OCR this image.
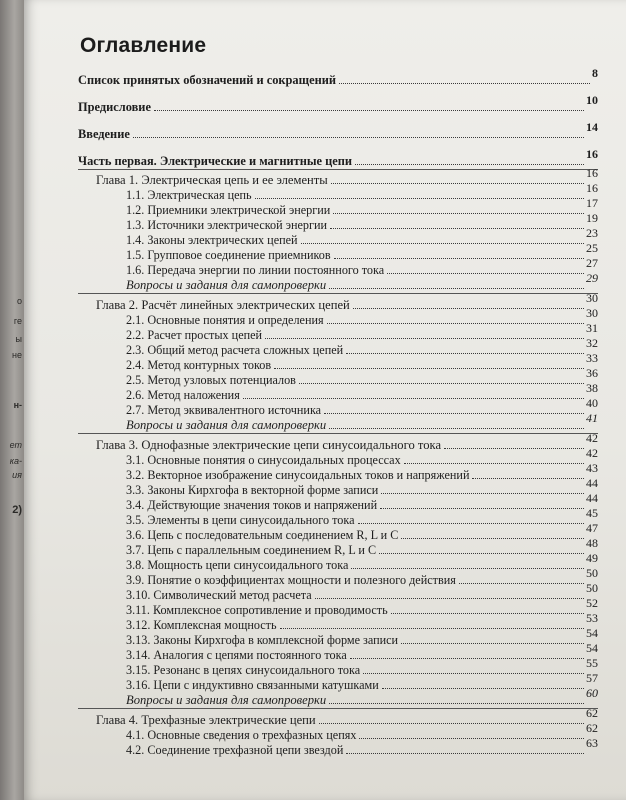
о
ге
ы
не
н-
ет
ка-
ия
2)
Оглавление
Список принятых обозначений и сокращений	8
Предисловие	10
Введение	14
Часть первая. Электрические и магнитные цепи	16
Глава 1. Электрическая цепь и ее элементы	16
1.1. Электрическая цепь	16
1.2. Приемники электрической энергии	17
1.3. Источники электрической энергии	19
1.4. Законы электрических цепей	23
1.5. Групповое соединение приемников	25
1.6. Передача энергии по линии постоянного тока	27
Вопросы и задания для самопроверки	29
Глава 2. Расчёт линейных электрических цепей	30
2.1. Основные понятия и определения	30
2.2. Расчет простых цепей	31
2.3. Общий метод расчета сложных цепей	32
2.4. Метод контурных токов	33
2.5. Метод узловых потенциалов	36
2.6. Метод наложения	38
2.7. Метод эквивалентного источника	40
Вопросы и задания для самопроверки	41
Глава 3. Однофазные электрические цепи синусоидального тока	42
3.1. Основные понятия о синусоидальных процессах	42
3.2. Векторное изображение синусоидальных токов и напряжений	43
3.3. Законы Кирхгофа в векторной форме записи	44
3.4. Действующие значения токов и напряжений	44
3.5. Элементы в цепи синусоидального тока	45
3.6. Цепь с последовательным соединением R, L и C	47
3.7. Цепь с параллельным соединением R, L и C	48
3.8. Мощность цепи синусоидального тока	49
3.9. Понятие о коэффициентах мощности и полезного действия	50
3.10. Символический метод расчета	50
3.11. Комплексное сопротивление и проводимость	52
3.12. Комплексная мощность	53
3.13. Законы Кирхгофа в комплексной форме записи	54
3.14. Аналогия с цепями постоянного тока	54
3.15. Резонанс в цепях синусоидального тока	55
3.16. Цепи с индуктивно связанными катушками	57
Вопросы и задания для самопроверки	60
Глава 4. Трехфазные электрические цепи	62
4.1. Основные сведения о трехфазных цепях	62
4.2. Соединение трехфазной цепи звездой	63
